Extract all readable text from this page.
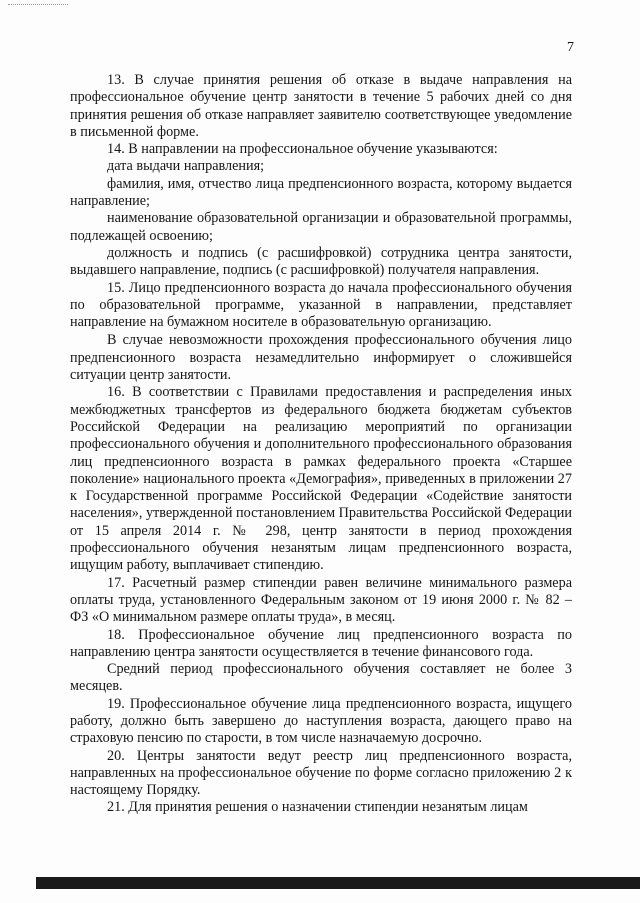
7

13. В случае принятия решения об отказе в выдаче направления на профессиональное обучение центр занятости в течение 5 рабочих дней со дня принятия решения об отказе направляет заявителю соответствующее уведомление в письменной форме.

14. В направлении на профессиональное обучение указываются:

дата выдачи направления;

фамилия, имя, отчество лица предпенсионного возраста, которому выдается направление;

наименование образовательной организации и образовательной программы, подлежащей освоению;

должность и подпись (с расшифровкой) сотрудника центра занятости, выдавшего направление, подпись (с расшифровкой) получателя направления.

15. Лицо предпенсионного возраста до начала профессионального обучения по образовательной программе, указанной в направлении, представляет направление на бумажном носителе в образовательную организацию.

В случае невозможности прохождения профессионального обучения лицо предпенсионного возраста незамедлительно информирует о сложившейся ситуации центр занятости.

16. В соответствии с Правилами предоставления и распределения иных межбюджетных трансфертов из федерального бюджета бюджетам субъектов Российской Федерации на реализацию мероприятий по организации профессионального обучения и дополнительного профессионального образования лиц предпенсионного возраста в рамках федерального проекта «Старшее поколение» национального проекта «Демография», приведенных в приложении 27 к Государственной программе Российской Федерации «Содействие занятости населения», утвержденной постановлением Правительства Российской Федерации от 15 апреля 2014 г. № 298, центр занятости в период прохождения профессионального обучения незанятым лицам предпенсионного возраста, ищущим работу, выплачивает стипендию.

17. Расчетный размер стипендии равен величине минимального размера оплаты труда, установленного Федеральным законом от 19 июня 2000 г. № 82 – ФЗ «О минимальном размере оплаты труда», в месяц.

18. Профессиональное обучение лиц предпенсионного возраста по направлению центра занятости осуществляется в течение финансового года.

Средний период профессионального обучения составляет не более 3 месяцев.

19. Профессиональное обучение лица предпенсионного возраста, ищущего работу, должно быть завершено до наступления возраста, дающего право на страховую пенсию по старости, в том числе назначаемую досрочно.

20. Центры занятости ведут реестр лиц предпенсионного возраста, направленных на профессиональное обучение по форме согласно приложению 2 к настоящему Порядку.

21. Для принятия решения о назначении стипендии незанятым лицам
